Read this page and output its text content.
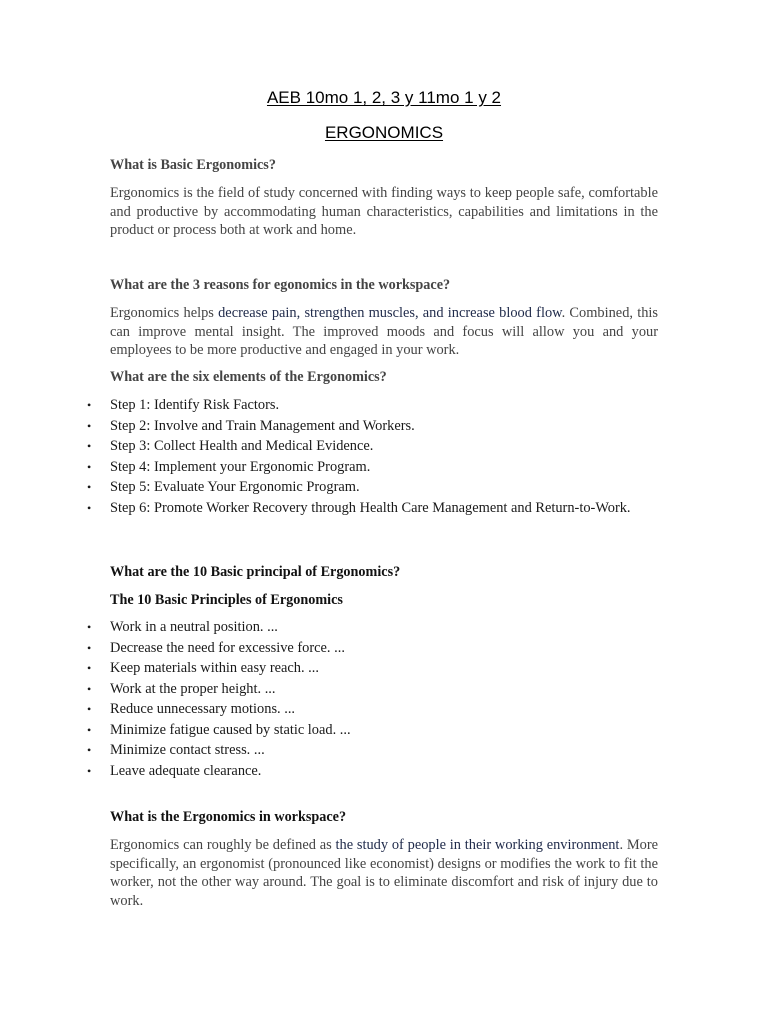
AEB 10mo 1, 2, 3 y 11mo 1 y 2
ERGONOMICS
What is Basic Ergonomics?
Ergonomics is the field of study concerned with finding ways to keep people safe, comfortable and productive by accommodating human characteristics, capabilities and limitations in the product or process both at work and home.
What are the 3 reasons for egonomics in the workspace?
Ergonomics helps decrease pain, strengthen muscles, and increase blood flow. Combined, this can improve mental insight. The improved moods and focus will allow you and your employees to be more productive and engaged in your work.
What are the six elements of the Ergonomics?
• Step 1: Identify Risk Factors.
• Step 2: Involve and Train Management and Workers.
• Step 3: Collect Health and Medical Evidence.
• Step 4: Implement your Ergonomic Program.
• Step 5: Evaluate Your Ergonomic Program.
• Step 6: Promote Worker Recovery through Health Care Management and Return-to-Work.
What are the 10 Basic principal of Ergonomics?
The 10 Basic Principles of Ergonomics
• Work in a neutral position. ...
• Decrease the need for excessive force. ...
• Keep materials within easy reach. ...
• Work at the proper height. ...
• Reduce unnecessary motions. ...
• Minimize fatigue caused by static load. ...
• Minimize contact stress. ...
• Leave adequate clearance.
What is the Ergonomics in workspace?
Ergonomics can roughly be defined as the study of people in their working environment. More specifically, an ergonomist (pronounced like economist) designs or modifies the work to fit the worker, not the other way around. The goal is to eliminate discomfort and risk of injury due to work.
